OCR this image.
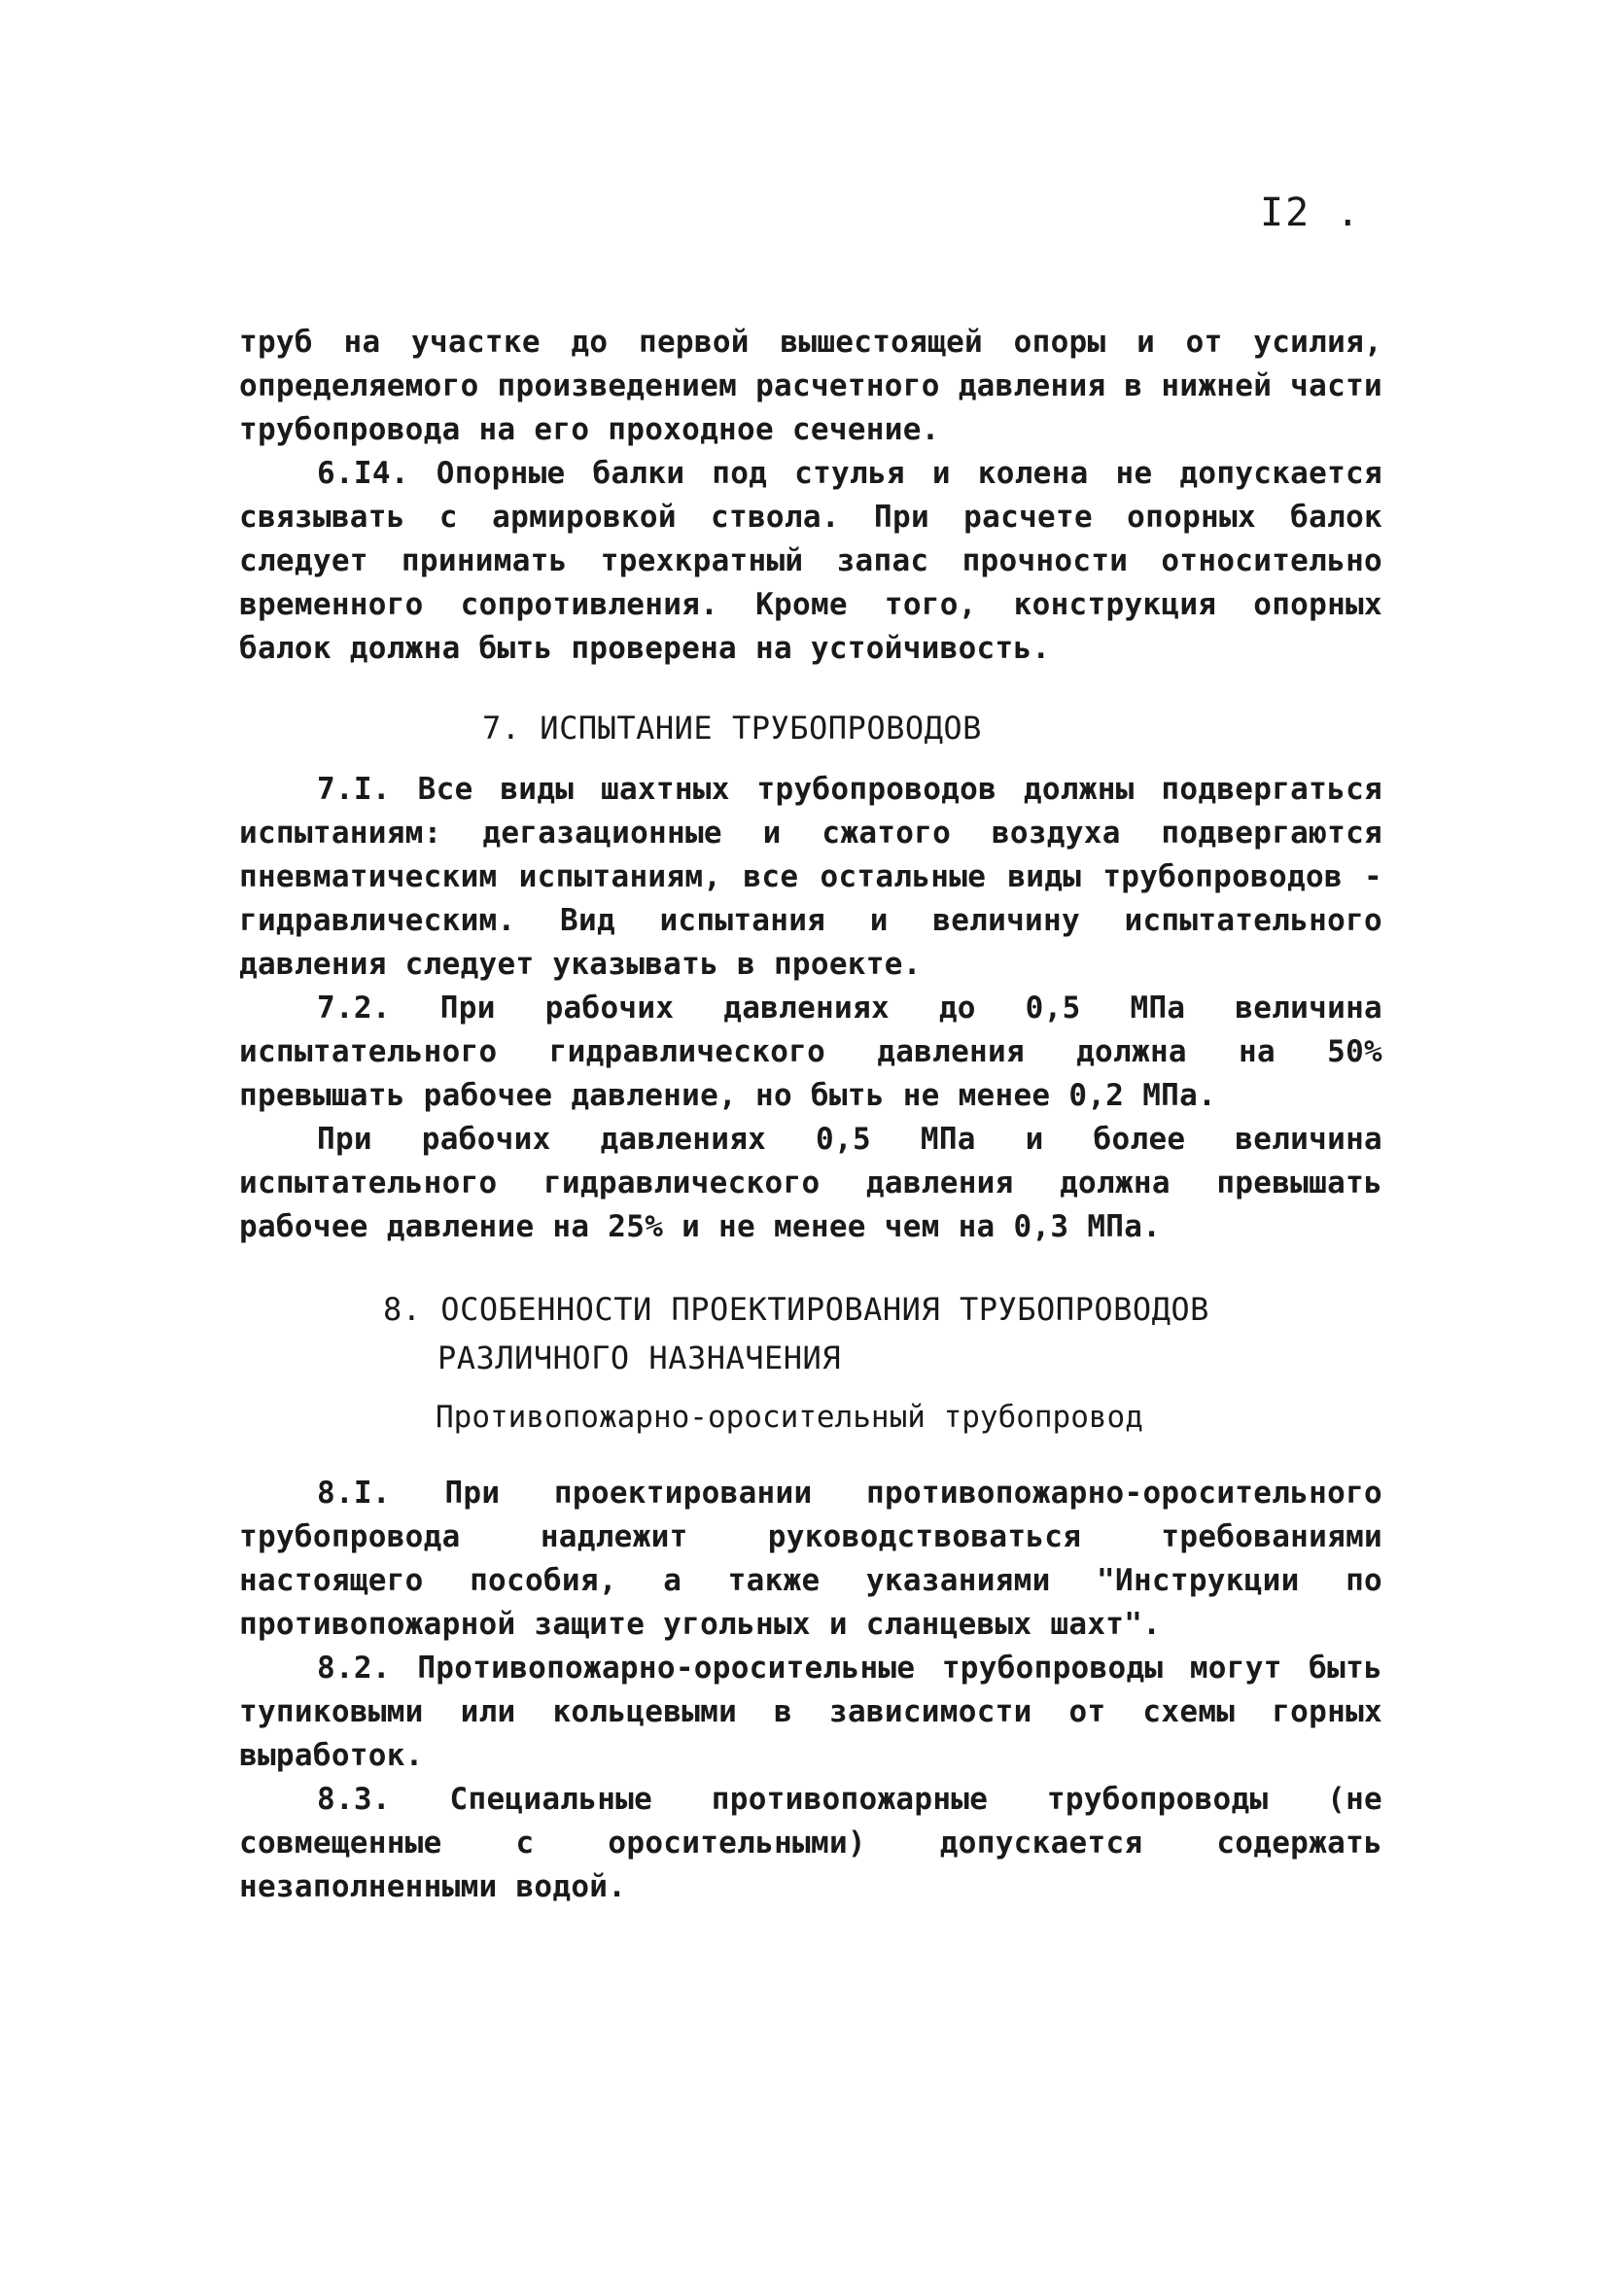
I2 .

труб на участке до первой вышестоящей опоры и от усилия, определяемого произведением расчетного давления в нижней части трубопровода на его проходное сечение.

6.I4. Опорные балки под стулья и колена не допускается связывать с армировкой ствола. При расчете опорных балок следует принимать трехкратный запас прочности относительно временного сопротивления. Кроме того, конструкция опорных балок должна быть проверена на устойчивость.

7. ИСПЫТАНИЕ ТРУБОПРОВОДОВ

7.I. Все виды шахтных трубопроводов должны подвергаться испытаниям: дегазационные и сжатого воздуха подвергаются пневматическим испытаниям, все остальные виды трубопроводов - гидравлическим. Вид испытания и величину испытательного давления следует указывать в проекте.

7.2. При рабочих давлениях до 0,5 МПа величина испытательного гидравлического давления должна на 50% превышать рабочее давление, но быть не менее 0,2 МПа.

При рабочих давлениях 0,5 МПа и более величина испытательного гидравлического давления должна превышать рабочее давление на 25% и не менее чем на 0,3 МПа.

8. ОСОБЕННОСТИ ПРОЕКТИРОВАНИЯ ТРУБОПРОВОДОВ
РАЗЛИЧНОГО НАЗНАЧЕНИЯ
Противопожарно-оросительный трубопровод

8.I. При проектировании противопожарно-оросительного трубопровода надлежит руководствоваться требованиями настоящего пособия, а также указаниями "Инструкции по противопожарной защите угольных и сланцевых шахт".

8.2. Противопожарно-оросительные трубопроводы могут быть тупиковыми или кольцевыми в зависимости от схемы горных выработок.

8.3. Специальные противопожарные трубопроводы (не совмещенные с оросительными) допускается содержать незаполненными водой.
